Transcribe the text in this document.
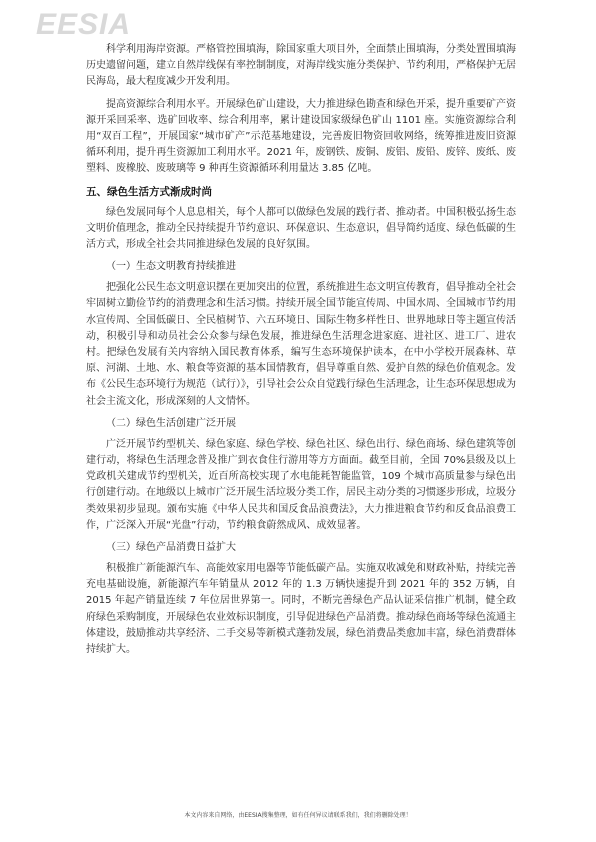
EESIA

科学利用海岸资源。严格管控围填海，除国家重大项目外，全面禁止围填海，分类处置围填海历史遗留问题，建立自然岸线保有率控制制度，对海岸线实施分类保护、节约利用，严格保护无居民海岛，最大程度减少开发利用。

提高资源综合利用水平。开展绿色矿山建设，大力推进绿色勘查和绿色开采，提升重要矿产资源开采回采率、选矿回收率、综合利用率，累计建设国家级绿色矿山 1101 座。实施资源综合利用“双百工程”，开展国家“城市矿产”示范基地建设，完善废旧物资回收网络，统筹推进废旧资源循环利用，提升再生资源加工利用水平。2021 年，废钢铁、废铜、废铝、废铅、废锌、废纸、废塑料、废橡胶、废玻璃等 9 种再生资源循环利用量达 3.85 亿吨。

五、绿色生活方式渐成时尚

绿色发展同每个人息息相关，每个人都可以做绿色发展的践行者、推动者。中国积极弘扬生态文明价值理念，推动全民持续提升节约意识、环保意识、生态意识，倡导简约适度、绿色低碳的生活方式，形成全社会共同推进绿色发展的良好氛围。

（一）生态文明教育持续推进

把强化公民生态文明意识摆在更加突出的位置，系统推进生态文明宣传教育，倡导推动全社会牢固树立勤俭节约的消费理念和生活习惯。持续开展全国节能宣传周、中国水周、全国城市节约用水宣传周、全国低碳日、全民植树节、六五环境日、国际生物多样性日、世界地球日等主题宣传活动，积极引导和动员社会公众参与绿色发展，推进绿色生活理念进家庭、进社区、进工厂、进农村。把绿色发展有关内容纳入国民教育体系，编写生态环境保护读本，在中小学校开展森林、草原、河湖、土地、水、粮食等资源的基本国情教育，倡导尊重自然、爱护自然的绿色价值观念。发布《公民生态环境行为规范（试行）》，引导社会公众自觉践行绿色生活理念，让生态环保思想成为社会主流文化，形成深刻的人文情怀。

（二）绿色生活创建广泛开展

广泛开展节约型机关、绿色家庭、绿色学校、绿色社区、绿色出行、绿色商场、绿色建筑等创建行动，将绿色生活理念普及推广到衣食住行游用等方方面面。截至目前，全国 70%县级及以上党政机关建成节约型机关，近百所高校实现了水电能耗智能监管，109 个城市高质量参与绿色出行创建行动。在地级以上城市广泛开展生活垃圾分类工作，居民主动分类的习惯逐步形成，垃圾分类效果初步显现。颁布实施《中华人民共和国反食品浪费法》，大力推进粮食节约和反食品浪费工作，广泛深入开展“光盘”行动，节约粮食蔚然成风、成效显著。

（三）绿色产品消费日益扩大

积极推广新能源汽车、高能效家用电器等节能低碳产品。实施双收减免和财政补贴，持续完善充电基础设施，新能源汽车年销量从 2012 年的 1.3 万辆快速提升到 2021 年的 352 万辆，自 2015 年起产销量连续 7 年位居世界第一。同时，不断完善绿色产品认证采信推广机制，健全政府绿色采购制度，开展绿色农业效标识制度，引导促进绿色产品消费。推动绿色商场等绿色流通主体建设，鼓励推动共享经济、二手交易等新模式蓬勃发展，绿色消费品类愈加丰富，绿色消费群体持续扩大。

本文内容来自网络，由EESIA搜集整理，如有任何异议请联系我们，我们将删除处理！
